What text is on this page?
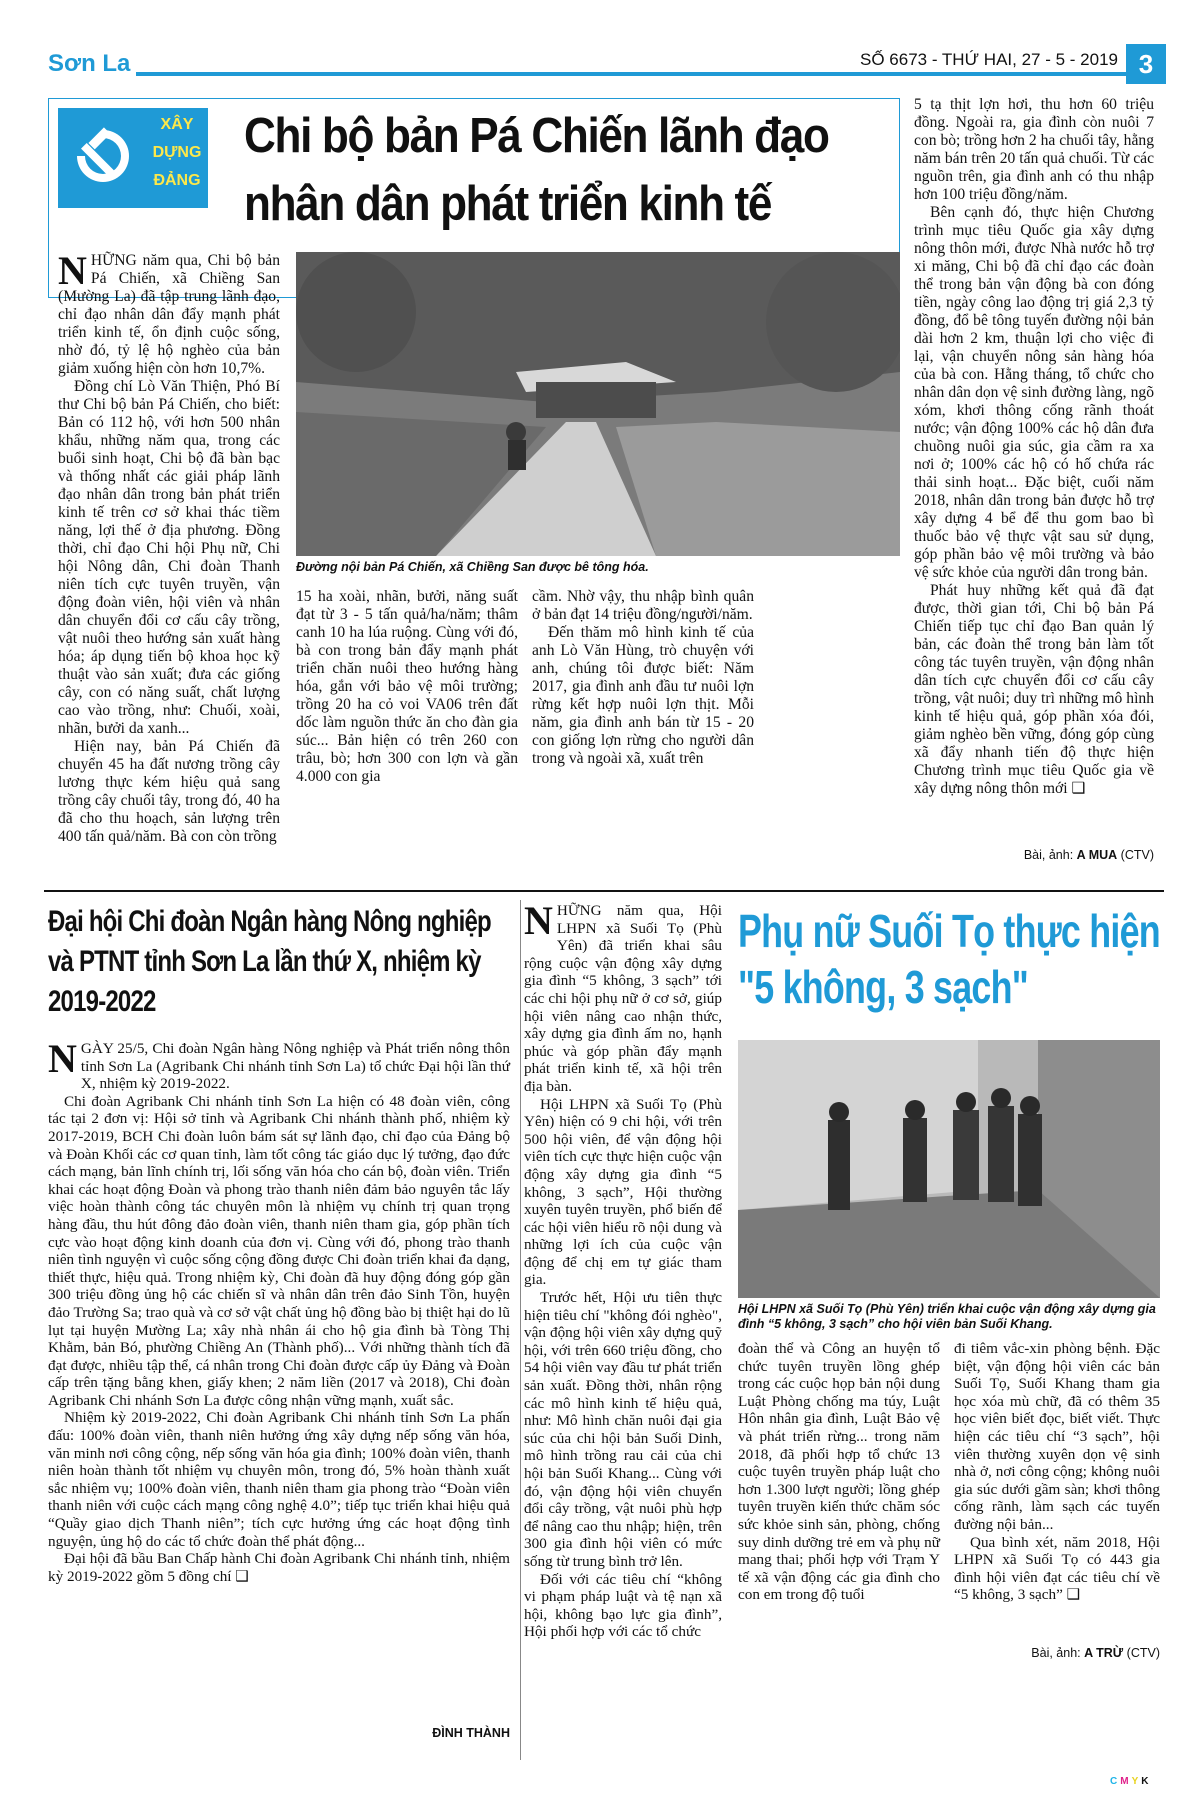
Sơn La	SỐ 6673 - THỨ HAI, 27 - 5 - 2019 3
XÂY
DỰNG
ĐẢNG
Chi bộ bản Pá Chiến lãnh đạo
nhân dân phát triển kinh tế

NHỮNG năm qua, Chi bộ bản Pá Chiến, xã Chiềng San (Mường La) đã tập trung lãnh đạo, chỉ đạo nhân dân đẩy mạnh phát triển kinh tế, ổn định cuộc sống, nhờ đó, tỷ lệ hộ nghèo của bản giảm xuống hiện còn hơn 10,7%.

Đồng chí Lò Văn Thiện, Phó Bí thư Chi bộ bản Pá Chiến, cho biết: Bản có 112 hộ, với hơn 500 nhân khẩu, những năm qua, trong các buổi sinh hoạt, Chi bộ đã bàn bạc và thống nhất các giải pháp lãnh đạo nhân dân trong bản phát triển kinh tế trên cơ sở khai thác tiềm năng, lợi thế ở địa phương. Đồng thời, chỉ đạo Chi hội Phụ nữ, Chi hội Nông dân, Chi đoàn Thanh niên tích cực tuyên truyền, vận động đoàn viên, hội viên và nhân dân chuyển đổi cơ cấu cây trồng, vật nuôi theo hướng sản xuất hàng hóa; áp dụng tiến bộ khoa học kỹ thuật vào sản xuất; đưa các giống cây, con có năng suất, chất lượng cao vào trồng, như: Chuối, xoài, nhãn, bưởi da xanh...

Hiện nay, bản Pá Chiến đã chuyển 45 ha đất nương trồng cây lương thực kém hiệu quả sang trồng cây chuối tây, trong đó, 40 ha đã cho thu hoạch, sản lượng trên 400 tấn quả/năm. Bà con còn trồng

Đường nội bản Pá Chiến, xã Chiềng San được bê tông hóa.

15 ha xoài, nhãn, bưởi, năng suất đạt từ 3 - 5 tấn quả/ha/năm; thâm canh 10 ha lúa ruộng. Cùng với đó, bà con trong bản đẩy mạnh phát triển chăn nuôi theo hướng hàng hóa, gắn với bảo vệ môi trường; trồng 20 ha cỏ voi VA06 trên đất dốc làm nguồn thức ăn cho đàn gia súc... Bản hiện có trên 260 con trâu, bò; hơn 300 con lợn và gần 4.000 con gia

cầm. Nhờ vậy, thu nhập bình quân ở bản đạt 14 triệu đồng/người/năm.

Đến thăm mô hình kinh tế của anh Lò Văn Hùng, trò chuyện với anh, chúng tôi được biết: Năm 2017, gia đình anh đầu tư nuôi lợn rừng kết hợp nuôi lợn thịt. Mỗi năm, gia đình anh bán từ 15 - 20 con giống lợn rừng cho người dân trong và ngoài xã, xuất trên

5 tạ thịt lợn hơi, thu hơn 60 triệu đồng. Ngoài ra, gia đình còn nuôi 7 con bò; trồng hơn 2 ha chuối tây, hằng năm bán trên 20 tấn quả chuối. Từ các nguồn trên, gia đình anh có thu nhập hơn 100 triệu đồng/năm.

Bên cạnh đó, thực hiện Chương trình mục tiêu Quốc gia xây dựng nông thôn mới, được Nhà nước hỗ trợ xi măng, Chi bộ đã chỉ đạo các đoàn thể trong bản vận động bà con đóng tiền, ngày công lao động trị giá 2,3 tỷ đồng, đổ bê tông tuyến đường nội bản dài hơn 2 km, thuận lợi cho việc đi lại, vận chuyển nông sản hàng hóa của bà con. Hằng tháng, tổ chức cho nhân dân dọn vệ sinh đường làng, ngõ xóm, khơi thông cống rãnh thoát nước; vận động 100% các hộ dân đưa chuồng nuôi gia súc, gia cầm ra xa nơi ở; 100% các hộ có hố chứa rác thải sinh hoạt... Đặc biệt, cuối năm 2018, nhân dân trong bản được hỗ trợ xây dựng 4 bể để thu gom bao bì thuốc bảo vệ thực vật sau sử dụng, góp phần bảo vệ môi trường và bảo vệ sức khỏe của người dân trong bản.

Phát huy những kết quả đã đạt được, thời gian tới, Chi bộ bản Pá Chiến tiếp tục chỉ đạo Ban quản lý bản, các đoàn thể trong bản làm tốt công tác tuyên truyền, vận động nhân dân tích cực chuyển đổi cơ cấu cây trồng, vật nuôi; duy trì những mô hình kinh tế hiệu quả, góp phần xóa đói, giảm nghèo bền vững, đóng góp cùng xã đẩy nhanh tiến độ thực hiện Chương trình mục tiêu Quốc gia về xây dựng nông thôn mới ❑

Bài, ảnh: A MUA (CTV)
Đại hội Chi đoàn Ngân hàng Nông nghiệp
và PTNT tỉnh Sơn La lần thứ X, nhiệm kỳ
2019-2022

NGÀY 25/5, Chi đoàn Ngân hàng Nông nghiệp và Phát triển nông thôn tỉnh Sơn La (Agribank Chi nhánh tỉnh Sơn La) tổ chức Đại hội lần thứ X, nhiệm kỳ 2019-2022.

Chi đoàn Agribank Chi nhánh tỉnh Sơn La hiện có 48 đoàn viên, công tác tại 2 đơn vị: Hội sở tỉnh và Agribank Chi nhánh thành phố, nhiệm kỳ 2017-2019, BCH Chi đoàn luôn bám sát sự lãnh đạo, chỉ đạo của Đảng bộ và Đoàn Khối các cơ quan tỉnh, làm tốt công tác giáo dục lý tưởng, đạo đức cách mạng, bản lĩnh chính trị, lối sống văn hóa cho cán bộ, đoàn viên. Triển khai các hoạt động Đoàn và phong trào thanh niên đảm bảo nguyên tắc lấy việc hoàn thành công tác chuyên môn là nhiệm vụ chính trị quan trọng hàng đầu, thu hút đông đảo đoàn viên, thanh niên tham gia, góp phần tích cực vào hoạt động kinh doanh của đơn vị. Cùng với đó, phong trào thanh niên tình nguyện vì cuộc sống cộng đồng được Chi đoàn triển khai đa dạng, thiết thực, hiệu quả. Trong nhiệm kỳ, Chi đoàn đã huy động đóng góp gần 300 triệu đồng ủng hộ các chiến sĩ và nhân dân trên đảo Sinh Tồn, huyện đảo Trường Sa; trao quà và cơ sở vật chất ủng hộ đồng bào bị thiệt hại do lũ lụt tại huyện Mường La; xây nhà nhân ái cho hộ gia đình bà Tòng Thị Khằm, bản Bó, phường Chiềng An (Thành phố)... Với những thành tích đã đạt được, nhiều tập thể, cá nhân trong Chi đoàn được cấp ủy Đảng và Đoàn cấp trên tặng bằng khen, giấy khen; 2 năm liền (2017 và 2018), Chi đoàn Agribank Chi nhánh Sơn La được công nhận vững mạnh, xuất sắc.

Nhiệm kỳ 2019-2022, Chi đoàn Agribank Chi nhánh tỉnh Sơn La phấn đấu: 100% đoàn viên, thanh niên hưởng ứng xây dựng nếp sống văn hóa, văn minh nơi công cộng, nếp sống văn hóa gia đình; 100% đoàn viên, thanh niên hoàn thành tốt nhiệm vụ chuyên môn, trong đó, 5% hoàn thành xuất sắc nhiệm vụ; 100% đoàn viên, thanh niên tham gia phong trào “Đoàn viên thanh niên với cuộc cách mạng công nghệ 4.0”; tiếp tục triển khai hiệu quả “Quầy giao dịch Thanh niên”; tích cực hưởng ứng các hoạt động tình nguyện, ủng hộ do các tổ chức đoàn thể phát động...

Đại hội đã bầu Ban Chấp hành Chi đoàn Agribank Chi nhánh tỉnh, nhiệm kỳ 2019-2022 gồm 5 đồng chí ❑

ĐÌNH THÀNH

NHỮNG năm qua, Hội LHPN xã Suối Tọ (Phù Yên) đã triển khai sâu rộng cuộc vận động xây dựng gia đình “5 không, 3 sạch” tới các chi hội phụ nữ ở cơ sở, giúp hội viên nâng cao nhận thức, xây dựng gia đình ấm no, hạnh phúc và góp phần đẩy mạnh phát triển kinh tế, xã hội trên địa bàn.

Hội LHPN xã Suối Tọ (Phù Yên) hiện có 9 chi hội, với trên 500 hội viên, để vận động hội viên tích cực thực hiện cuộc vận động xây dựng gia đình “5 không, 3 sạch”, Hội thường xuyên tuyên truyền, phổ biến để các hội viên hiểu rõ nội dung và những lợi ích của cuộc vận động để chị em tự giác tham gia.

Trước hết, Hội ưu tiên thực hiện tiêu chí "không đói nghèo", vận động hội viên xây dựng quỹ hội, với trên 660 triệu đồng, cho 54 hội viên vay đầu tư phát triển sản xuất. Đồng thời, nhân rộng các mô hình kinh tế hiệu quả, như: Mô hình chăn nuôi đại gia súc của chi hội bản Suối Dinh, mô hình trồng rau cải của chi hội bản Suối Khang... Cùng với đó, vận động hội viên chuyển đổi cây trồng, vật nuôi phù hợp để nâng cao thu nhập; hiện, trên 300 gia đình hội viên có mức sống từ trung bình trở lên.

Đối với các tiêu chí “không vi phạm pháp luật và tệ nạn xã hội, không bạo lực gia đình”, Hội phối hợp với các tổ chức

Phụ nữ Suối Tọ thực hiện
"5 không, 3 sạch"
Hội LHPN xã Suối Tọ (Phù Yên) triển khai cuộc vận động xây dựng gia đình “5 không, 3 sạch” cho hội viên bản Suối Khang.

đoàn thể và Công an huyện tổ chức tuyên truyền lồng ghép trong các cuộc họp bản nội dung Luật Phòng chống ma túy, Luật Hôn nhân gia đình, Luật Bảo vệ và phát triển rừng... trong năm 2018, đã phối hợp tổ chức 13 cuộc tuyên truyền pháp luật cho hơn 1.300 lượt người; lồng ghép tuyên truyền kiến thức chăm sóc sức khỏe sinh sản, phòng, chống suy dinh dưỡng trẻ em và phụ nữ mang thai; phối hợp với Trạm Y tế xã vận động các gia đình cho con em trong độ tuổi

đi tiêm vắc-xin phòng bệnh. Đặc biệt, vận động hội viên các bản Suối Tọ, Suối Khang tham gia học xóa mù chữ, đã có thêm 35 học viên biết đọc, biết viết. Thực hiện các tiêu chí “3 sạch”, hội viên thường xuyên dọn vệ sinh nhà ở, nơi công cộng; không nuôi gia súc dưới gầm sàn; khơi thông cống rãnh, làm sạch các tuyến đường nội bản...

Qua bình xét, năm 2018, Hội LHPN xã Suối Tọ có 443 gia đình hội viên đạt các tiêu chí về “5 không, 3 sạch” ❑

Bài, ảnh: A TRỪ (CTV)
CMYK
